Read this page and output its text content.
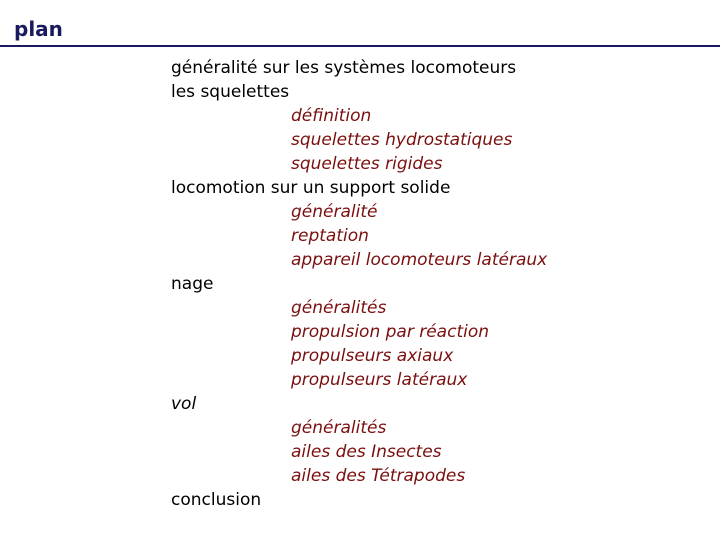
plan
généralité sur les systèmes locomoteurs
les squelettes
définition
squelettes hydrostatiques
squelettes rigides
locomotion sur un support solide
généralité
reptation
appareil locomoteurs latéraux
nage
généralités
propulsion par réaction
propulseurs axiaux
propulseurs latéraux
vol
généralités
ailes des Insectes
ailes des Tétrapodes
conclusion
